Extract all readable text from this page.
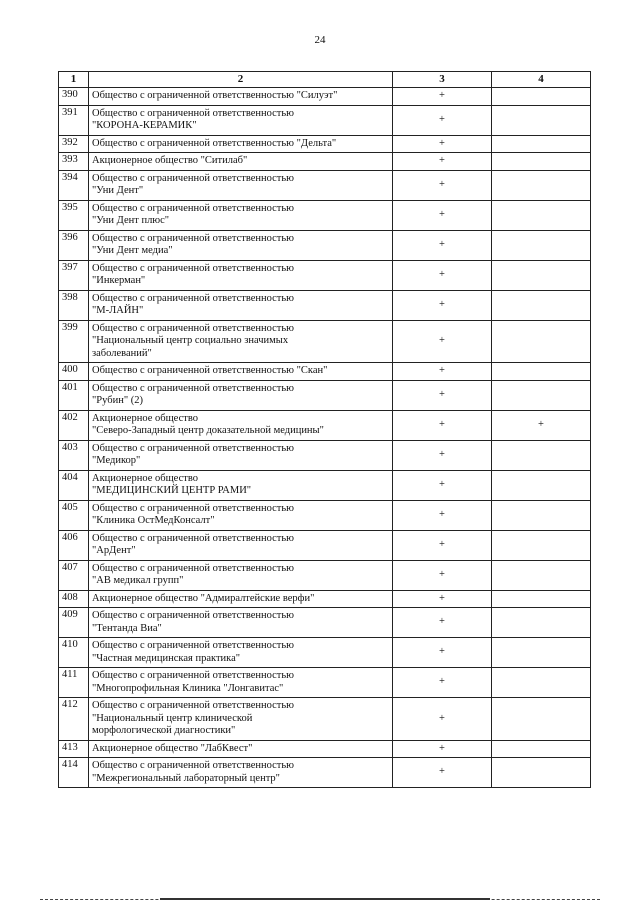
24
1	2	3	4
390	Общество с ограниченной ответственностью "Силуэт"	+	
391	Общество с ограниченной ответственностью
"КОРОНА-КЕРАМИК"	+	
392	Общество с ограниченной ответственностью "Дельта"	+	
393	Акционерное общество "Ситилаб"	+	
394	Общество с ограниченной ответственностью
"Уни Дент"	+	
395	Общество с ограниченной ответственностью
"Уни Дент плюс"	+	
396	Общество с ограниченной ответственностью
"Уни Дент медиа"	+	
397	Общество с ограниченной ответственностью
"Инкерман"	+	
398	Общество с ограниченной ответственностью
"М-ЛАЙН"	+	
399	Общество с ограниченной ответственностью
"Национальный центр социально значимых
заболеваний"	+	
400	Общество с ограниченной ответственностью "Скан"	+	
401	Общество с ограниченной ответственностью
"Рубин" (2)	+	
402	Акционерное общество
"Северо-Западный центр доказательной медицины"	+	+
403	Общество с ограниченной ответственностью
"Медикор"	+	
404	Акционерное общество
"МЕДИЦИНСКИЙ ЦЕНТР РАМИ"	+	
405	Общество с ограниченной ответственностью
"Клиника ОстМедКонсалт"	+	
406	Общество с ограниченной ответственностью
"АрДент"	+	
407	Общество с ограниченной ответственностью
"АВ медикал групп"	+	
408	Акционерное общество "Адмиралтейские верфи"	+	
409	Общество с ограниченной ответственностью
"Тентанда Виа"	+	
410	Общество с ограниченной ответственностью
"Частная медицинская практика"	+	
411	Общество с ограниченной ответственностью
"Многопрофильная Клиника "Лонгавитас"	+	
412	Общество с ограниченной ответственностью
"Национальный центр клинической
морфологической диагностики"	+	
413	Акционерное общество "ЛабКвест"	+	
414	Общество с ограниченной ответственностью
"Межрегиональный лабораторный центр"	+	
